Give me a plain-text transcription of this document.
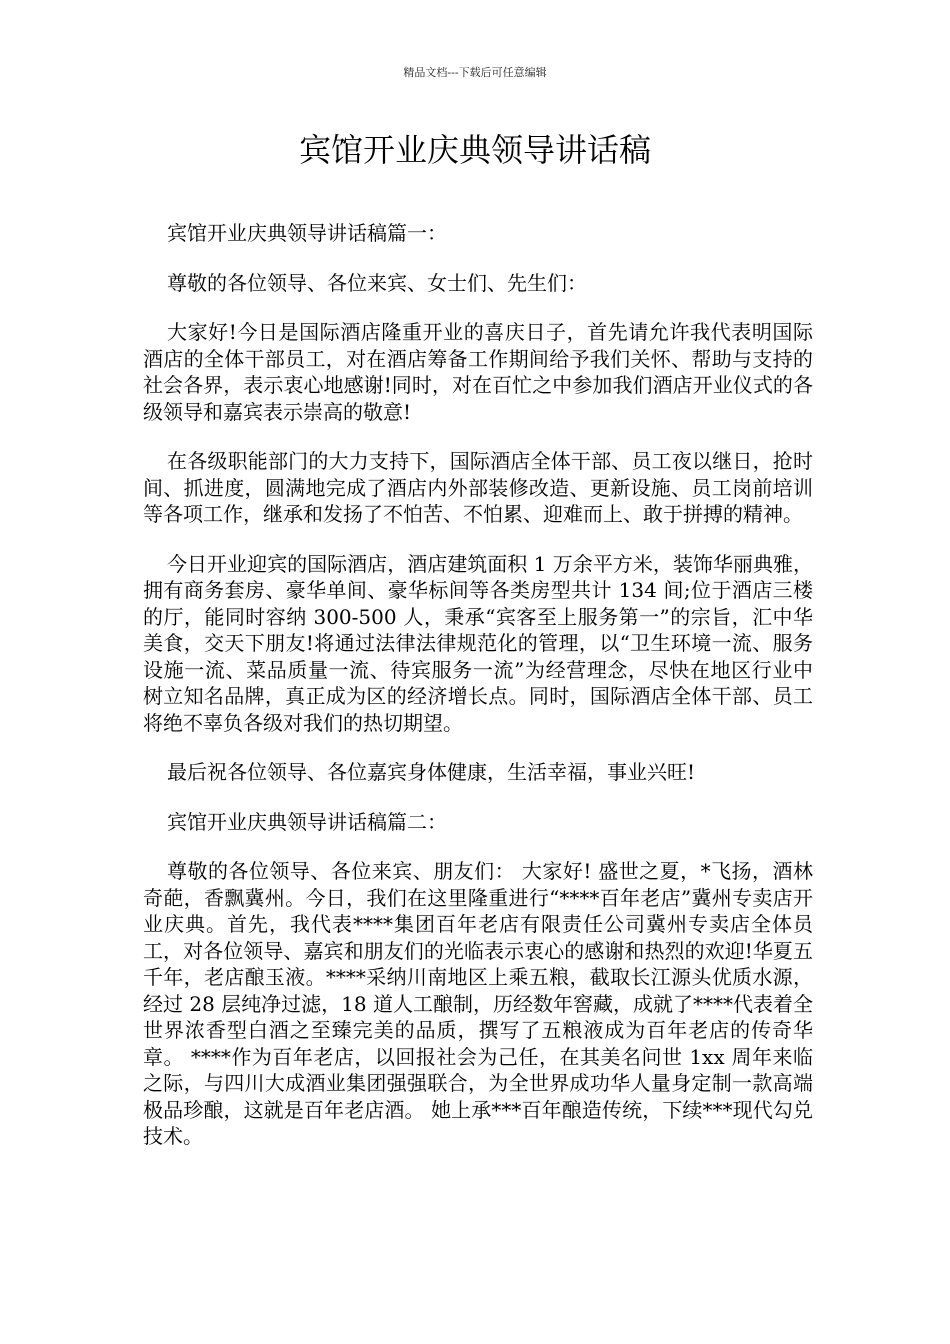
精品文档---下载后可任意编辑
宾馆开业庆典领导讲话稿

宾馆开业庆典领导讲话稿篇一：

尊敬的各位领导、各位来宾、女士们、先生们：

大家好!今日是国际酒店隆重开业的喜庆日子，首先请允许我代表明国际酒店的全体干部员工，对在酒店筹备工作期间给予我们关怀、帮助与支持的社会各界，表示衷心地感谢!同时，对在百忙之中参加我们酒店开业仪式的各级领导和嘉宾表示崇高的敬意!

在各级职能部门的大力支持下，国际酒店全体干部、员工夜以继日，抢时间、抓进度，圆满地完成了酒店内外部装修改造、更新设施、员工岗前培训等各项工作，继承和发扬了不怕苦、不怕累、迎难而上、敢于拼搏的精神。

今日开业迎宾的国际酒店，酒店建筑面积 1 万余平方米，装饰华丽典雅，拥有商务套房、豪华单间、豪华标间等各类房型共计 134 间;位于酒店三楼的厅，能同时容纳 300-500 人，秉承“宾客至上服务第一”的宗旨，汇中华美食，交天下朋友!将通过法律法律规范化的管理，以“卫生环境一流、服务设施一流、菜品质量一流、待宾服务一流”为经营理念，尽快在地区行业中树立知名品牌，真正成为区的经济增长点。同时，国际酒店全体干部、员工将绝不辜负各级对我们的热切期望。

最后祝各位领导、各位嘉宾身体健康，生活幸福，事业兴旺!

宾馆开业庆典领导讲话稿篇二：

尊敬的各位领导、各位来宾、朋友们： 大家好! 盛世之夏，*飞扬，酒林奇葩，香飘冀州。今日，我们在这里隆重进行“****百年老店”冀州专卖店开业庆典。首先，我代表****集团百年老店有限责任公司冀州专卖店全体员工，对各位领导、嘉宾和朋友们的光临表示衷心的感谢和热烈的欢迎!华夏五千年，老店酿玉液。****采纳川南地区上乘五粮，截取长江源头优质水源，经过 28 层纯净过滤，18 道人工酿制，历经数年窖藏，成就了****代表着全世界浓香型白酒之至臻完美的品质，撰写了五粮液成为百年老店的传奇华章。 ****作为百年老店，以回报社会为己任，在其美名问世 1xx 周年来临之际，与四川大成酒业集团强强联合，为全世界成功华人量身定制一款高端极品珍酿，这就是百年老店酒。 她上承***百年酿造传统，下续***现代勾兑技术。
